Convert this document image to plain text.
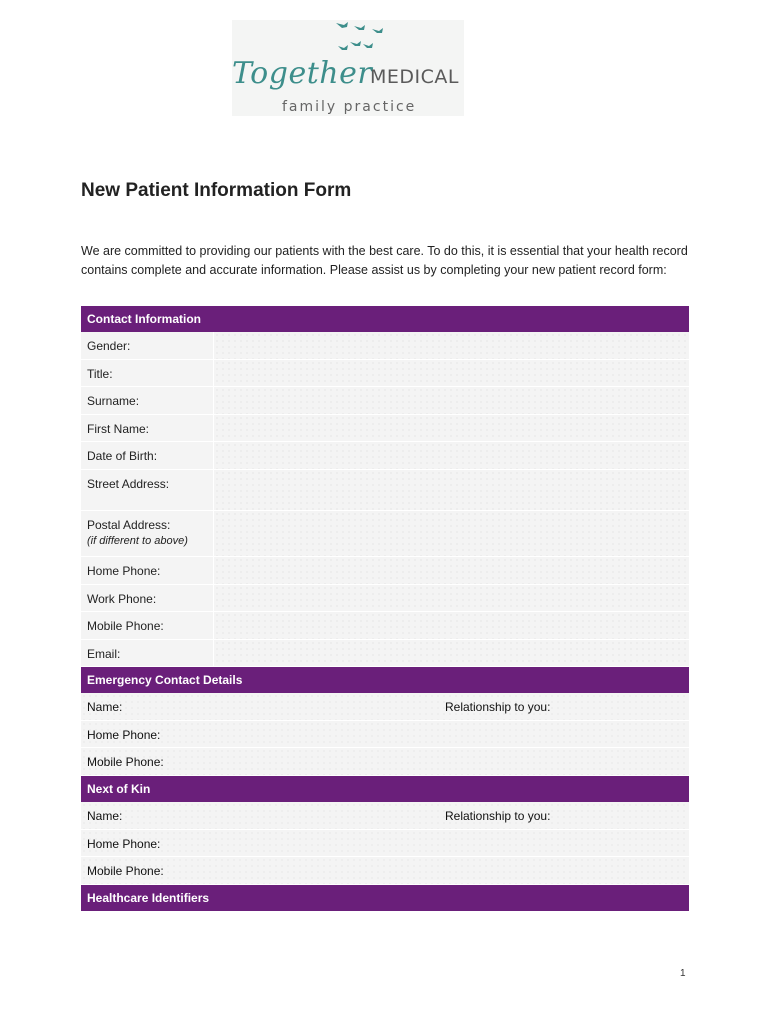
Together
MEDICAL
family practice
New Patient Information Form
We are committed to providing our patients with the best care. To do this, it is essential that your health record contains complete and accurate information. Please assist us by completing your new patient record form:
Contact Information
Gender:
Title:
Surname:
First Name:
Date of Birth:
Street Address:
Postal Address:
(if different to above)
Home Phone:
Work Phone:
Mobile Phone:
Email:
Emergency Contact Details
Name:	Relationship to you:
Home Phone:
Mobile Phone:
Next of Kin
Name:	Relationship to you:
Home Phone:
Mobile Phone:
Healthcare Identifiers
1
